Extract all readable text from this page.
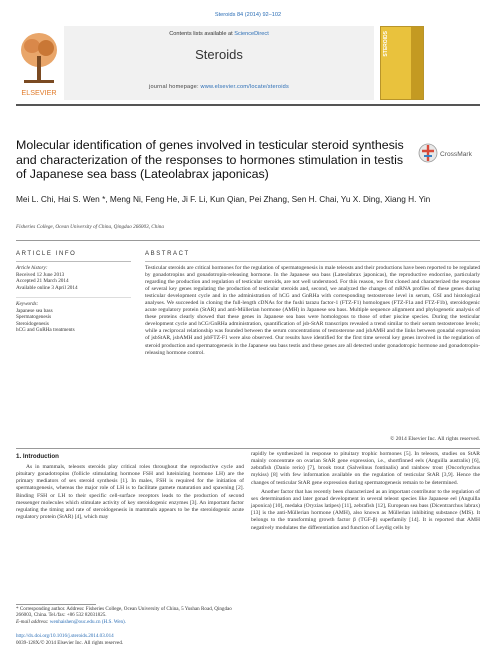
Steroids 84 (2014) 92–102
Contents lists available at ScienceDirect
Steroids
journal homepage: www.elsevier.com/locate/steroids
ELSEVIER
STEROIDS
Molecular identification of genes involved in testicular steroid synthesis and characterization of the responses to hormones stimulation in testis of Japanese sea bass (Lateolabrax japonicas)
CrossMark
Mei L. Chi, Hai S. Wen *, Meng Ni, Feng He, Ji F. Li, Kun Qian, Pei Zhang, Sen H. Chai, Yu X. Ding, Xiang H. Yin
Fisheries College, Ocean University of China, Qingdao 266003, China
ARTICLE INFO	ABSTRACT
Article history:
Received 12 June 2013
Accepted 21 March 2014
Available online 3 April 2014
Keywords:
Japanese sea bass
Spermatogenesis
Steroidogenesis
hCG and GnRHa treatments
Testicular steroids are critical hormones for the regulation of spermatogenesis in male teleosts and their productions have been reported to be regulated by gonadotropins and gonadotropin-releasing hormone. In the Japanese sea bass (Lateolabrax japonicas), the reproductive endocrine, particularly regarding the production and regulation of testicular steroids, are not well understood. For this reason, we first cloned and characterized the response of several key genes regulating the production of testicular steroids and, second, we analyzed the changes of mRNA profiles of these genes during testicular development cycle and in the administration of hCG and GnRHa with corresponding testosterone level in serum, GSI and histological analyses. We succeeded in cloning the full-length cDNAs for the fushi tarazu factor-1 (FTZ-F1) homologues (FTZ-F1a and FTZ-F1b), steroidogenic acute regulatory protein (StAR) and anti-Müllerian hormone (AMH) in Japanese sea bass. Multiple sequence alignment and phylogenetic analysis of these proteins clearly showed that these genes in Japanese sea bass were homologous to those of other piscine species. During the testicular development cycle and hCG/GnRHa administration, quantification of jsb-StAR transcripts revealed a trend similar to their serum testosterone levels; while a reciprocal relationship was founded between the serum concentrations of testosterone and jsbAMH and the links between gonadal expression of jsbStAR, jsbAMH and jsbFTZ-F1 were also observed. Our results have identified for the first time several key genes involved in the regulation of steroid production and spermatogenesis in the Japanese sea bass testis and these genes are all detected under gonadotropic hormone and gonadotropin-releasing hormone control.
© 2014 Elsevier Inc. All rights reserved.
1. Introduction
As in mammals, teleosts steroids play critical roles throughout the reproductive cycle and pituitary gonadotropins (follicle stimulating hormone FSH and luteinizing hormone LH) are the primary mediators of sex steroid synthesis [1]. In males, FSH is required for the initiation of spermatogenesis, whereas the major role of LH is to facilitate gamete maturation and spawning [2]. Binding FSH or LH to their specific cell-surface receptors leads to the production of second messenger molecules which stimulate activity of key steroidogenic enzymes [3]. An important factor regulating the timing and rate of steroidogenesis in mammals appears to be the steroidogenic acute regulatory protein (StAR) [4], which may

rapidly be synthesized in response to pituitary trophic hormones [5]. In teleosts, studies on StAR mainly concentrate on ovarian StAR gene expression, i.e., shortfinned eels (Anguilla australis) [6], zebrafish (Danio rerio) [7], brook trout (Salvelinus fontinalis) and rainbow trout (Oncorhynchus mykiss) [8] with few information available on the regulation of testicular StAR [3,9]. Hence the changes of testicular StAR gene expression during spermatogenesis remain to be determined.

Another factor that has recently been characterized as an important contributor to the regulation of sex determination and later gonad development in several teleost species like Japanese eel (Anguilla japonica) [10], medaka (Oryzias latipes) [11], zebrafish [12], European sea bass (Dicentrarchus labrax) [13] is the anti-Müllerian hormone (AMH), also known as Müllerian inhibiting substance (MIS). It belongs to the transforming growth factor β (TGF-β) superfamily [14]. It is reported that AMH negatively modulates the differentiation and function of Leydig cells by

* Corresponding author. Address: Fisheries College, Ocean University of China, 5 Yushan Road, Qingdao 266003, China. Tel./fax: +86 532 82031825.
E-mail address: wenhaishen@ouc.edu.cn (H.S. Wen).
http://dx.doi.org/10.1016/j.steroids.2014.03.014
0039-128X/© 2014 Elsevier Inc. All rights reserved.
